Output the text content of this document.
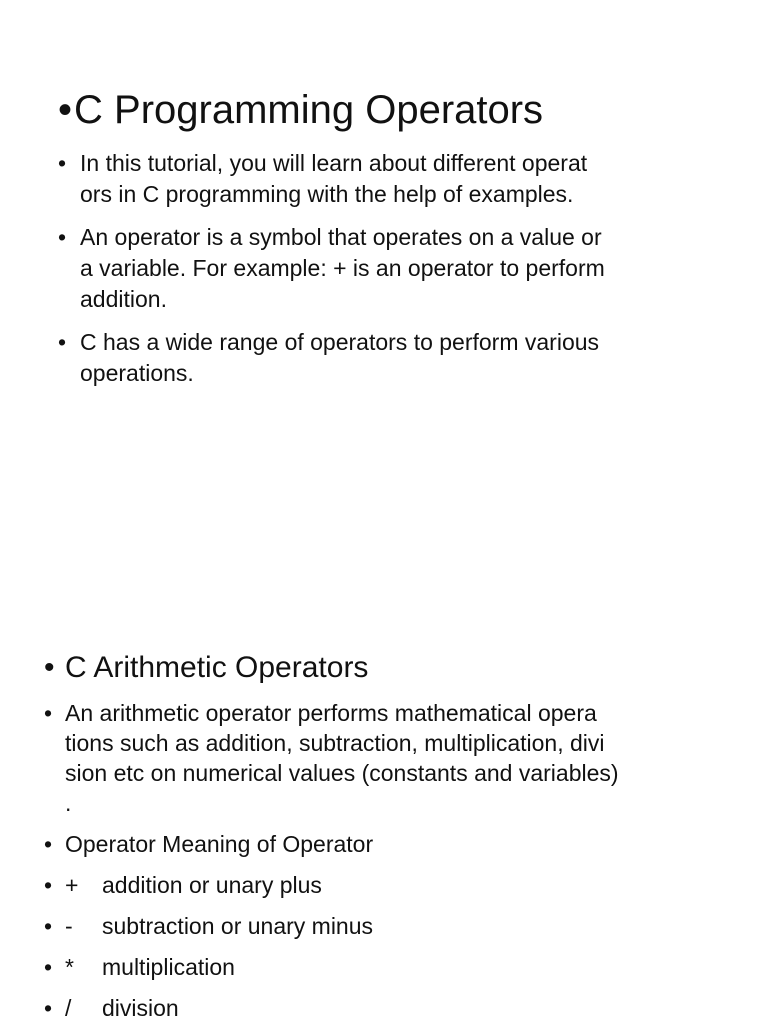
•C Programming Operators
• In this tutorial, you will learn about different operat
ors in C programming with the help of examples.
• An operator is a symbol that operates on a value or
a variable. For example: + is an operator to perform
addition.
• C has a wide range of operators to perform various
operations.
• C Arithmetic Operators
• An arithmetic operator performs mathematical opera
tions such as addition, subtraction, multiplication, divi
sion etc on numerical values (constants and variables)
.
• Operator Meaning of Operator
• + addition or unary plus
• - subtraction or unary minus
• * multiplication
• / division
